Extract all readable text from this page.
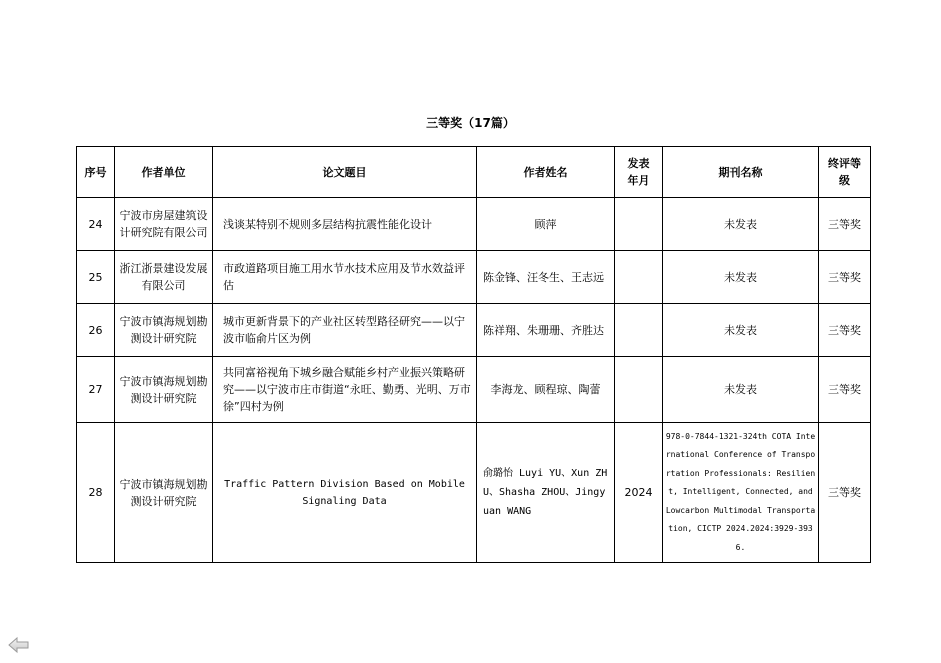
三等奖（17篇）
序号	作者单位	论文题目	作者姓名	发表年月	期刊名称	终评等级
24	宁波市房屋建筑设计研究院有限公司	浅谈某特别不规则多层结构抗震性能化设计	顾萍		未发表	三等奖
25	浙江浙景建设发展有限公司	市政道路项目施工用水节水技术应用及节水效益评估	陈金锋、汪冬生、王志远		未发表	三等奖
26	宁波市镇海规划勘测设计研究院	城市更新背景下的产业社区转型路径研究——以宁波市临俞片区为例	陈祥翔、朱珊珊、齐胜达		未发表	三等奖
27	宁波市镇海规划勘测设计研究院	共同富裕视角下城乡融合赋能乡村产业振兴策略研究——以宁波市庄市街道“永旺、勤勇、光明、万市徐”四村为例	李海龙、顾程琼、陶蕾		未发表	三等奖
28	宁波市镇海规划勘测设计研究院	Traffic Pattern Division Based on Mobile Signaling Data	俞璐怡 Luyi YU、Xun ZHU、Shasha ZHOU、Jingyuan WANG	2024	978-0-7844-1321-324th COTA International Conference of Transportation Professionals: Resilient, Intelligent, Connected, and Lowcarbon Multimodal Transportation, CICTP 2024.2024:3929-3936.	三等奖
